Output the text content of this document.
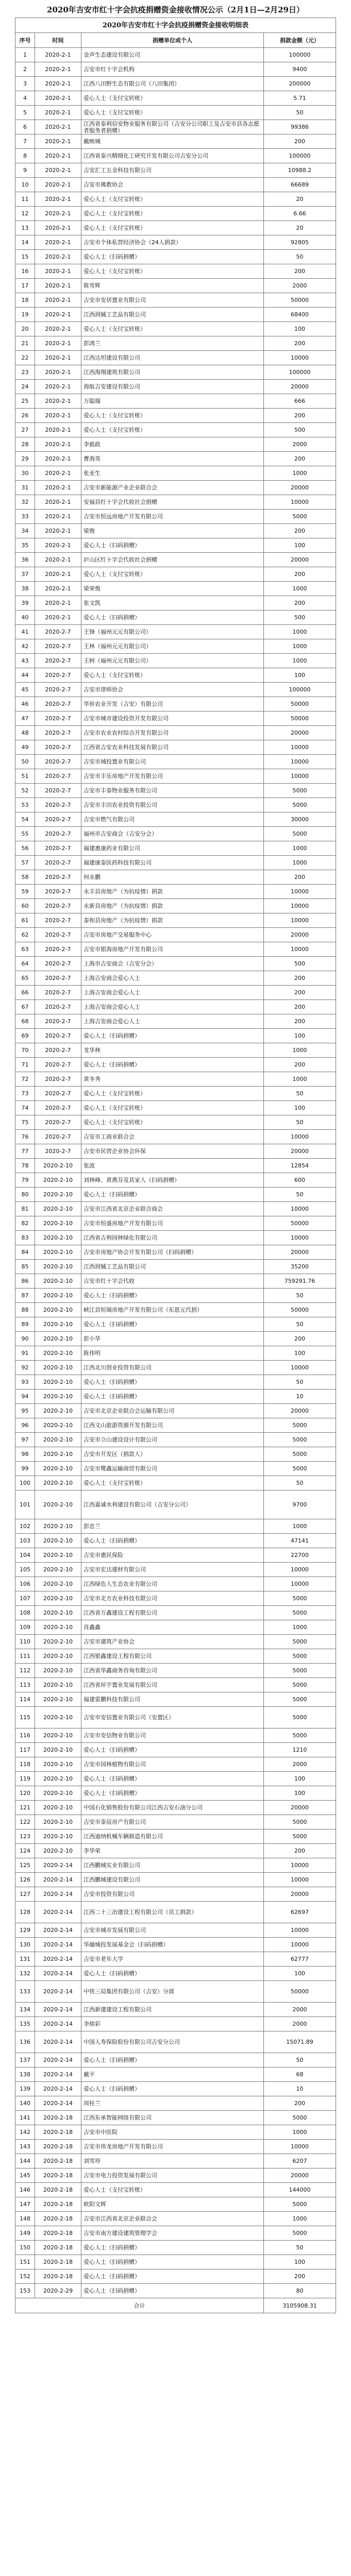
2020年吉安市红十字会抗疫捐赠资金接收情况公示（2月1日—2月29日）
2020年吉安市红十字会抗疫捐赠资金接收明细表			
序号	时间	捐赠单位或个人	捐款金额（元）
1	2020-2-1	金声生态建设有限公司	100000
2	2020-2-1	吉安市红十字会机构	9400
3	2020-2-1	江西八田野生态有限公司（八田集团）	200000
4	2020-2-1	爱心人士（支付宝转账）	5.71
5	2020-2-1	爱心人士（支付宝转账）	50
6	2020-2-1	江西省泰利信安物业服务有限公司（吉安分公司职工及吉安市县各志愿者服务者捐赠）	99386
7	2020-2-1	戴映城	200
8	2020-2-1	江西省泰兴精细化工研究开发有限公司吉安分公司	100000
9	2020-2-1	吉安汇工五金科技有限公司	10988.2
10	2020-2-1	吉安市佛教协会	66689
11	2020-2-1	爱心人士（支付宝转账）	20
12	2020-2-1	爱心人士（支付宝转账）	6.66
13	2020-2-1	爱心人士（支付宝转账）	20
14	2020-2-1	吉安市个体私营经济协会（24人捐款）	92805
15	2020-2-1	爱心人士（扫码捐赠）	50
16	2020-2-1	爱心人士（支付宝转账）	200
17	2020-2-1	陈雪辉	2000
18	2020-2-1	吉安市安居置业有限公司	50000
19	2020-2-1	江西润铖工艺品有限公司	68400
20	2020-2-1	爱心人士（支付宝转账）	100
21	2020-2-1	彭鸿兰	200
22	2020-2-1	江西达坦建设有限公司	10000
23	2020-2-1	江西海翔建筑有限公司	100000
24	2020-2-1	海航吉安建设有限公司	20000
25	2020-2-1	万聪瑞	666
26	2020-2-1	爱心人士（支付宝转账）	200
27	2020-2-1	爱心人士（支付宝转账）	500
28	2020-2-1	李毅政	2000
29	2020-2-1	曹海英	200
30	2020-2-1	张亚生	1000
31	2020-2-1	吉安市新能源产业企业联合会	20000
32	2020-2-1	安福县红十字会代收社会捐赠	10000
33	2020-2-1	吉安市恒远房地产开发有限公司	5000
34	2020-2-1	梁俊	200
35	2020-2-1	爱心人士（扫码捐赠）	100
36	2020-2-1	庐山区红十字会代收社会捐赠	20000
37	2020-2-1	爱心人士（支付宝转账）	200
38	2020-2-1	梁荣俊	1000
39	2020-2-1	张文凯	200
40	2020-2-1	爱心人士（扫码捐赠）	500
41	2020-2-7	王锋（福州元元有限公司）	1000
42	2020-2-7	王林（福州元元有限公司）	1000
43	2020-2-7	王轲（福州元元有限公司）	1000
44	2020-2-7	爱心人士（支付宝转账）	100
45	2020-2-7	吉安市律师协会	100000
46	2020-2-7	华侨农业开发（吉安）有限公司	50000
47	2020-2-7	吉安市城市建设投资开发有限公司	50000
48	2020-2-7	吉安市农业农村综合开发有限公司	20000
49	2020-2-7	江西省吉安农业科技发展有限公司	10000
50	2020-2-7	吉安市城投置业有限公司	10000
51	2020-2-7	吉安市丰乐房地产开发有限公司	10000
52	2020-2-7	吉安市丰泰物业服务有限公司	5000
53	2020-2-7	吉安市丰田农业投资有限公司	5000
54	2020-2-7	吉安市燃气有限公司	30000
55	2020-2-7	福州市吉安商会（吉安分会）	5000
56	2020-2-7	福建惠康药业有限公司	1000
57	2020-2-7	福建康泰医药科技有限公司	1000
58	2020-2-7	何永鹏	200
59	2020-2-7	永丰县房地产（为抗疫情）捐款	10000
60	2020-2-7	永新县房地产（为抗疫情）捐款	10000
61	2020-2-7	泰和县房地产（为抗疫情）捐款	10000
62	2020-2-7	吉安市房地产交易服务中心	20000
63	2020-2-7	吉安市银海房地产开发有限公司	10000
64	2020-2-7	上海市吉安商会（吉安分会）	500
65	2020-2-7	上海吉安商会爱心人士	200
66	2020-2-7	上海吉安商会爱心人士	200
67	2020-2-7	上海吉安商会爱心人士	200
68	2020-2-7	上海吉安商会爱心人士	200
69	2020-2-7	爱心人士（扫码捐赠）	100
70	2020-2-7	龙华林	1000
71	2020-2-7	爱心人士（扫码捐赠）	200
72	2020-2-7	黄冬秀	1000
73	2020-2-7	爱心人士（支付宝转账）	50
74	2020-2-7	爱心人士（支付宝转账）	100
75	2020-2-7	爱心人士（支付宝转账）	50
76	2020-2-7	吉安市工商业联合会	10000
77	2020-2-7	吉安市民营企业协会环保	20000
78	2020-2-10	张波	12854
79	2020-2-10	刘林峰、黄燕芬及其家人（扫码捐赠）	600
80	2020-2-10	爱心人士（扫码捐赠）	50
81	2020-2-10	吉安市江西省北京企业联合商会	10000
82	2020-2-10	吉安市恒盛房地产开发有限公司	50000
83	2020-2-10	江西省吉利园林绿化有限公司	10000
84	2020-2-10	吉安市房地产协会开发有限公司（扫码捐赠）	20000
85	2020-2-10	江西润铖工艺品有限公司	35200
86	2020-2-10	吉安市红十字会代收	759291.76
87	2020-2-10	爱心人士（扫码捐赠）	50
88	2020-2-10	峡江县恒瑞房地产开发有限公司（东恩元代捐）	50000
89	2020-2-10	爱心人士（扫码捐赠）	50
90	2020-2-10	彭小华	200
91	2020-2-10	陈伟明	100
92	2020-2-10	江西北川创业投资有限公司	10000
93	2020-2-10	爱心人士（扫码捐赠）	50
94	2020-2-10	爱心人士（扫码捐赠）	10
95	2020-2-10	吉安市北京企业联合会运输有限公司	20000
96	2020-2-10	江西文山旅游资源开发有限公司	5000
97	2020-2-10	吉安市立山建设设计有限公司	5000
98	2020-2-10	吉安市开发区（捐款人）	5000
99	2020-2-10	吉安市鹭鑫运输商贸有限公司	5000
100	2020-2-10	爱心人士（支付宝转账）	50
101	2020-2-10	江西嘉诚水利建设有限公司（吉安分公司）	9700
102	2020-2-10	彭忠兰	1000
103	2020-2-10	爱心人士（扫码捐赠）	47141
104	2020-2-10	吉安市惠民保险	22700
105	2020-2-10	吉安市宏达建材有限公司	10000
106	2020-2-10	江西绿色人生态农业有限公司	10000
107	2020-2-10	吉安市北方农业科技有限公司	5000
108	2020-2-10	江西省万鑫建设工程有限公司	5000
109	2020-2-10	肖鑫鑫	1000
110	2020-2-10	吉安市建筑产业协会	5000
111	2020-2-10	江西银鑫建设工程有限公司	5000
112	2020-2-10	江西省华鑫商务咨询有限公司	5000
113	2020-2-10	江西省环宇置业发展有限公司	5000
114	2020-2-10	福建雷鹏科技有限公司	5000
115	2020-2-10	吉安市安信置业有限公司（安置区）	5000
116	2020-2-10	吉安市安信物业有限公司	5000
117	2020-2-10	爱心人士（扫码捐赠）	1210
118	2020-2-10	吉安市园林植物有限公司	2000
119	2020-2-10	爱心人士（扫码捐赠）	100
120	2020-2-10	爱心人士（扫码捐赠）	100
121	2020-2-10	中国石化销售股份有限公司江西吉安石油分公司	20000
122	2020-2-10	吉安市泰辰房产有限公司	5000
123	2020-2-10	江西迪纳机械车辆制造有限公司	5000
124	2020-2-10	李华荣	200
125	2020-2-14	江西鹏城实业有限公司	10000
126	2020-2-14	江西鹏城建设有限公司	10000
127	2020-2-14	吉安市投资有限公司	20000
128	2020-2-14	江西二十三冶建设工程有限公司（员工捐款）	62697
129	2020-2-14	吉安市城市发展有限公司	10000
130	2020-2-14	华融城投发展基金会（扫码捐赠）	10000
131	2020-2-14	吉安市老年大学	62777
132	2020-2-14	爱心人士（扫码捐赠）	100
133	2020-2-14	中铁三局集团有限公司（吉安）分部	50000
134	2020-2-14	江西新建建设工程有限公司	2000
135	2020-2-14	李熔彩	2000
136	2020-2-14	中国人寿保险股份有限公司吉安分公司	15071.89
137	2020-2-14	爱心人士（扫码捐赠）	50
138	2020-2-14	戴平	68
139	2020-2-14	爱心人士（扫码捐赠）	10
140	2020-2-14	周桂兰	200
141	2020-2-18	江西东承智能网络有限公司	5000
142	2020-2-18	吉安市中医院	1000
143	2020-2-18	吉安市伟龙房地产开发有限公司	10000
144	2020-2-18	刘雪珍	6207
145	2020-2-18	吉安市电力投资发展有限公司	20000
146	2020-2-18	爱心人士（支付宝转账）	144000
147	2020-2-18	欧阳文辉	5000
148	2020-2-18	吉安市江西省北京企业联合会	1000
149	2020-2-18	吉安市南方建设建筑管理学会	5000
150	2020-2-18	爱心人士（扫码捐赠）	50
151	2020-2-18	爱心人士（扫码捐赠）	100
152	2020-2-18	爱心人士（扫码捐赠）	200
153	2020-2-29	爱心人士（扫码捐赠）	80
合计			3105908.31
